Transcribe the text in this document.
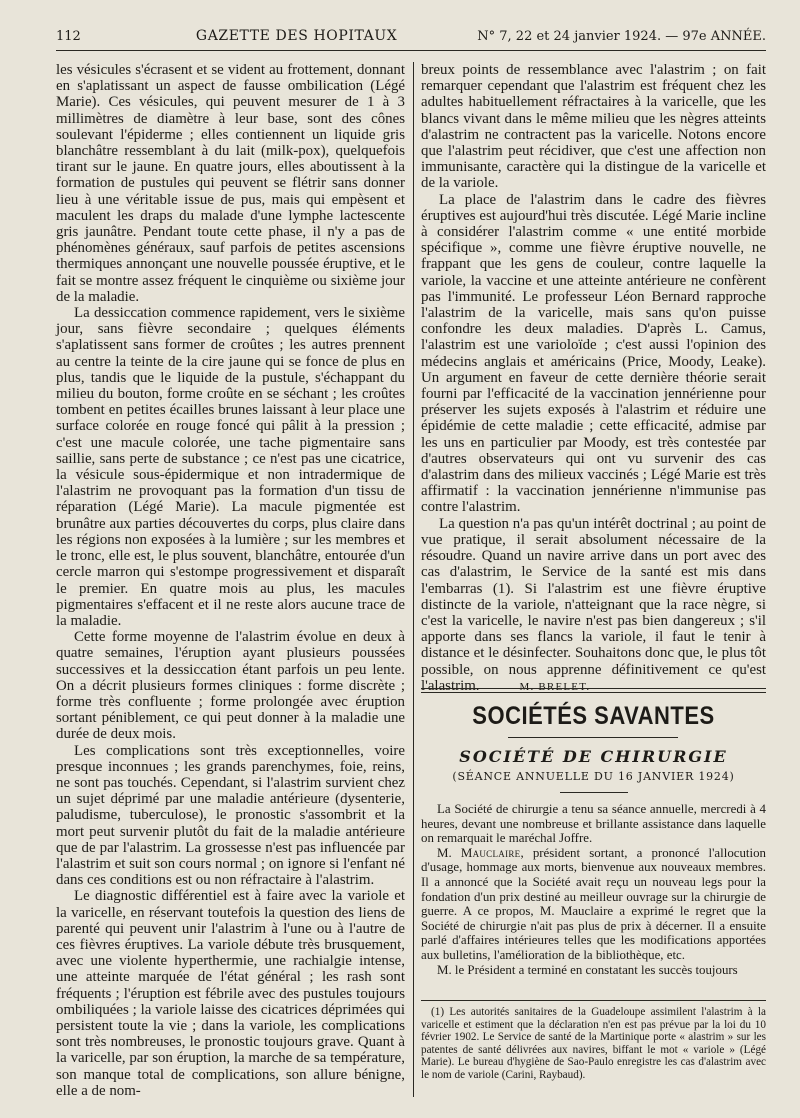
112	GAZETTE DES HOPITAUX	N° 7, 22 et 24 janvier 1924. — 97e ANNÉE.

les vésicules s'écrasent et se vident au frottement, donnant en s'aplatissant un aspect de fausse ombilication (Légé Marie). Ces vésicules, qui peuvent mesurer de 1 à 3 millimètres de diamètre à leur base, sont des cônes soulevant l'épiderme ; elles contiennent un liquide gris blanchâtre ressemblant à du lait (milk-pox), quelquefois tirant sur le jaune. En quatre jours, elles aboutissent à la formation de pustules qui peuvent se flétrir sans donner lieu à une véritable issue de pus, mais qui empèsent et maculent les draps du malade d'une lymphe lactescente gris jaunâtre. Pendant toute cette phase, il n'y a pas de phénomènes généraux, sauf parfois de petites ascensions thermiques annonçant une nouvelle poussée éruptive, et le fait se montre assez fréquent le cinquième ou sixième jour de la maladie.

La dessiccation commence rapidement, vers le sixième jour, sans fièvre secondaire ; quelques éléments s'aplatissent sans former de croûtes ; les autres prennent au centre la teinte de la cire jaune qui se fonce de plus en plus, tandis que le liquide de la pustule, s'échappant du milieu du bouton, forme croûte en se séchant ; les croûtes tombent en petites écailles brunes laissant à leur place une surface colorée en rouge foncé qui pâlit à la pression ; c'est une macule colorée, une tache pigmentaire sans saillie, sans perte de substance ; ce n'est pas une cicatrice, la vésicule sous-épidermique et non intradermique de l'alastrim ne provoquant pas la formation d'un tissu de réparation (Légé Marie). La macule pigmentée est brunâtre aux parties découvertes du corps, plus claire dans les régions non exposées à la lumière ; sur les membres et le tronc, elle est, le plus souvent, blanchâtre, entourée d'un cercle marron qui s'estompe progressivement et disparaît le premier. En quatre mois au plus, les macules pigmentaires s'effacent et il ne reste alors aucune trace de la maladie.

Cette forme moyenne de l'alastrim évolue en deux à quatre semaines, l'éruption ayant plusieurs poussées successives et la dessiccation étant parfois un peu lente. On a décrit plusieurs formes cliniques : forme discrète ; forme très confluente ; forme prolongée avec éruption sortant péniblement, ce qui peut donner à la maladie une durée de deux mois.

Les complications sont très exceptionnelles, voire presque inconnues ; les grands parenchymes, foie, reins, ne sont pas touchés. Cependant, si l'alastrim survient chez un sujet déprimé par une maladie antérieure (dysenterie, paludisme, tuberculose), le pronostic s'assombrit et la mort peut survenir plutôt du fait de la maladie antérieure que de par l'alastrim. La grossesse n'est pas influencée par l'alastrim et suit son cours normal ; on ignore si l'enfant né dans ces conditions est ou non réfractaire à l'alastrim.

Le diagnostic différentiel est à faire avec la variole et la varicelle, en réservant toutefois la question des liens de parenté qui peuvent unir l'alastrim à l'une ou à l'autre de ces fièvres éruptives. La variole débute très brusquement, avec une violente hyperthermie, une rachialgie intense, une atteinte marquée de l'état général ; les rash sont fréquents ; l'éruption est fébrile avec des pustules toujours ombiliquées ; la variole laisse des cicatrices déprimées qui persistent toute la vie ; dans la variole, les complications sont très nombreuses, le pronostic toujours grave. Quant à la varicelle, par son éruption, la marche de sa température, son manque total de complications, son allure bénigne, elle a de nom-

breux points de ressemblance avec l'alastrim ; on fait remarquer cependant que l'alastrim est fréquent chez les adultes habituellement réfractaires à la varicelle, que les blancs vivant dans le même milieu que les nègres atteints d'alastrim ne contractent pas la varicelle. Notons encore que l'alastrim peut récidiver, que c'est une affection non immunisante, caractère qui la distingue de la varicelle et de la variole.

La place de l'alastrim dans le cadre des fièvres éruptives est aujourd'hui très discutée. Légé Marie incline à considérer l'alastrim comme « une entité morbide spécifique », comme une fièvre éruptive nouvelle, ne frappant que les gens de couleur, contre laquelle la variole, la vaccine et une atteinte antérieure ne confèrent pas l'immunité. Le professeur Léon Bernard rapproche l'alastrim de la varicelle, mais sans qu'on puisse confondre les deux maladies. D'après L. Camus, l'alastrim est une varioloïde ; c'est aussi l'opinion des médecins anglais et américains (Price, Moody, Leake). Un argument en faveur de cette dernière théorie serait fourni par l'efficacité de la vaccination jennérienne pour préserver les sujets exposés à l'alastrim et réduire une épidémie de cette maladie ; cette efficacité, admise par les uns en particulier par Moody, est très contestée par d'autres observateurs qui ont vu survenir des cas d'alastrim dans des milieux vaccinés ; Légé Marie est très affirmatif : la vaccination jennérienne n'immunise pas contre l'alastrim.

La question n'a pas qu'un intérêt doctrinal ; au point de vue pratique, il serait absolument nécessaire de la résoudre. Quand un navire arrive dans un port avec des cas d'alastrim, le Service de la santé est mis dans l'embarras (1). Si l'alastrim est une fièvre éruptive distincte de la variole, n'atteignant que la race nègre, si c'est la varicelle, le navire n'est pas bien dangereux ; s'il apporte dans ses flancs la variole, il faut le tenir à distance et le désinfecter. Souhaitons donc que, le plus tôt possible, on nous apprenne définitivement ce qu'est l'alastrim.	M. BRELET.

SOCIÉTÉS SAVANTES
SOCIÉTÉ DE CHIRURGIE
(SÉANCE ANNUELLE DU 16 JANVIER 1924)

La Société de chirurgie a tenu sa séance annuelle, mercredi à 4 heures, devant une nombreuse et brillante assistance dans laquelle on remarquait le maréchal Joffre.

M. Mauclaire, président sortant, a prononcé l'allocution d'usage, hommage aux morts, bienvenue aux nouveaux membres. Il a annoncé que la Société avait reçu un nouveau legs pour la fondation d'un prix destiné au meilleur ouvrage sur la chirurgie de guerre. A ce propos, M. Mauclaire a exprimé le regret que la Société de chirurgie n'ait pas plus de prix à décerner. Il a ensuite parlé d'affaires intérieures telles que les modifications apportées aux bulletins, l'amélioration de la bibliothèque, etc.

M. le Président a terminé en constatant les succès toujours

(1) Les autorités sanitaires de la Guadeloupe assimilent l'alastrim à la varicelle et estiment que la déclaration n'en est pas prévue par la loi du 10 février 1902. Le Service de santé de la Martinique porte « alastrim » sur les patentes de santé délivrées aux navires, biffant le mot « variole » (Légé Marie). Le bureau d'hygiène de Sao-Paulo enregistre les cas d'alastrim avec le nom de variole (Carini, Raybaud).
